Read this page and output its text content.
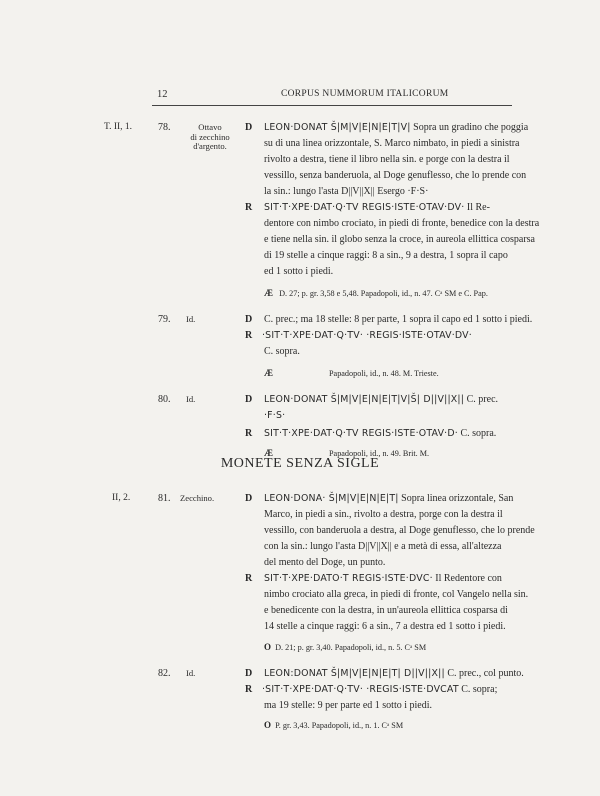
12	CORPUS NUMMORUM ITALICORUM
T. II, 1.	78.	Ottavo
di zecchino
d'argento.
D LEON·DONAT Š|M|V|E|N|E|T|V| Sopra un gradino che poggia
su di una linea orizzontale, S. Marco nimbato, in piedi a sinistra
rivolto a destra, tiene il libro nella sin. e porge con la destra il
vessillo, senza banderuola, al Doge genuflesso, che lo prende con
la sin.: lungo l'asta D||V||X|| Esergo ·F·S·
R SIT·T·XPE·DAT·Q·TV REGIS·ISTE·OTAV·DV· Il Re-
dentore con nimbo crociato, in piedi di fronte, benedice con la destra
e tiene nella sin. il globo senza la croce, in aureola ellittica cosparsa
di 19 stelle a cinque raggi: 8 a sin., 9 a destra, 1 sopra il capo
ed 1 sotto i piedi.
Æ D. 27; p. gr. 3,58 e 5,48. Papadopoli, id., n. 47. Cᵃ SM e C. Pap.
79. Id.	D C. prec.; ma 18 stelle: 8 per parte, 1 sopra il capo ed 1 sotto i piedi.
R ·SIT·T·XPE·DAT·Q·TV· ·REGIS·ISTE·OTAV·DV·
C. sopra.
Æ	Papadopoli, id., n. 48. M. Trieste.
80. Id.	D LEON·DONAT Š|M|V|E|N|E|T|V|Š| D||V||X|| C. prec.
·F·S·
R SIT·T·XPE·DAT·Q·TV REGIS·ISTE·OTAV·D· C. sopra.
Æ	Papadopoli, id., n. 49. Brit. M.
MONETE SENZA SIGLE
II, 2.	81. Zecchino.	D LEON·DONA· Š|M|V|E|N|E|T| Sopra linea orizzontale, San
Marco, in piedi a sin., rivolto a destra, porge con la destra il
vessillo, con banderuola a destra, al Doge genuflesso, che lo prende
con la sin.: lungo l'asta D||V||X|| e a metà di essa, all'altezza
del mento del Doge, un punto.
R SIT·T·XPE·DATO·T REGIS·ISTE·DVC· Il Redentore con
nimbo crociato alla greca, in piedi di fronte, col Vangelo nella sin.
e benedicente con la destra, in un'aureola ellittica cosparsa di
14 stelle a cinque raggi: 6 a sin., 7 a destra ed 1 sotto i piedi.
O D. 21; p. gr. 3,40. Papadopoli, id., n. 5. Cᵃ SM
82. Id.	D LEON:DONAT Š|M|V|E|N|E|T| D||V||X|| C. prec., col punto.
R ·SIT·T·XPE·DAT·Q·TV· ·REGIS·ISTE·DVCAT C. sopra;
ma 19 stelle: 9 per parte ed 1 sotto i piedi.
O P. gr. 3,43. Papadopoli, id., n. 1. Cᵃ SM
